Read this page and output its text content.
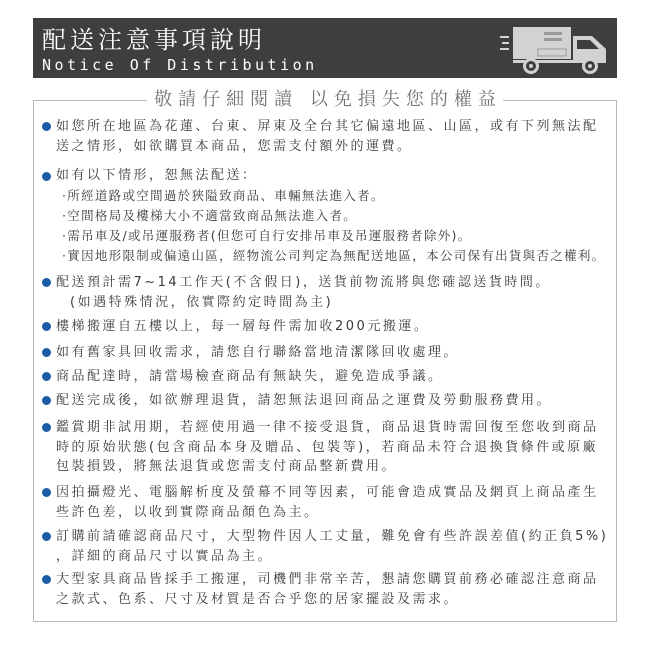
配送注意事項說明
Notice Of Distribution
敬請仔細閱讀 以免損失您的權益
如您所在地區為花蓮、台東、屏東及全台其它偏遠地區、山區，或有下列無法配
送之情形，如欲購買本商品，您需支付額外的運費。
如有以下情形，恕無法配送：
·所經道路或空間過於狹隘致商品、車輛無法進入者。
·空間格局及樓梯大小不適當致商品無法進入者。
·需吊車及/或吊運服務者(但您可自行安排吊車及吊運服務者除外)。
·實因地形限制或偏遠山區，經物流公司判定為無配送地區，本公司保有出貨與否之權利。
配送預計需7~14工作天(不含假日)，送貨前物流將與您確認送貨時間。
(如遇特殊情況，依實際約定時間為主)
樓梯搬運自五樓以上，每一層每件需加收200元搬運。
如有舊家具回收需求，請您自行聯絡當地清潔隊回收處理。
商品配達時，請當場檢查商品有無缺失，避免造成爭議。
配送完成後，如欲辦理退貨，請恕無法退回商品之運費及勞動服務費用。
鑑賞期非試用期，若經使用過一律不接受退貨，商品退貨時需回復至您收到商品
時的原始狀態(包含商品本身及贈品、包裝等)，若商品未符合退換貨條件或原廠
包裝損毀，將無法退貨或您需支付商品整新費用。
因拍攝燈光、電腦解析度及螢幕不同等因素，可能會造成實品及網頁上商品產生
些許色差，以收到實際商品顏色為主。
訂購前請確認商品尺寸，大型物件因人工丈量，難免會有些許誤差值(約正負5%)
，詳細的商品尺寸以實品為主。
大型家具商品皆採手工搬運，司機們非常辛苦，懇請您購買前務必確認注意商品
之款式、色系、尺寸及材質是否合乎您的居家擺設及需求。
